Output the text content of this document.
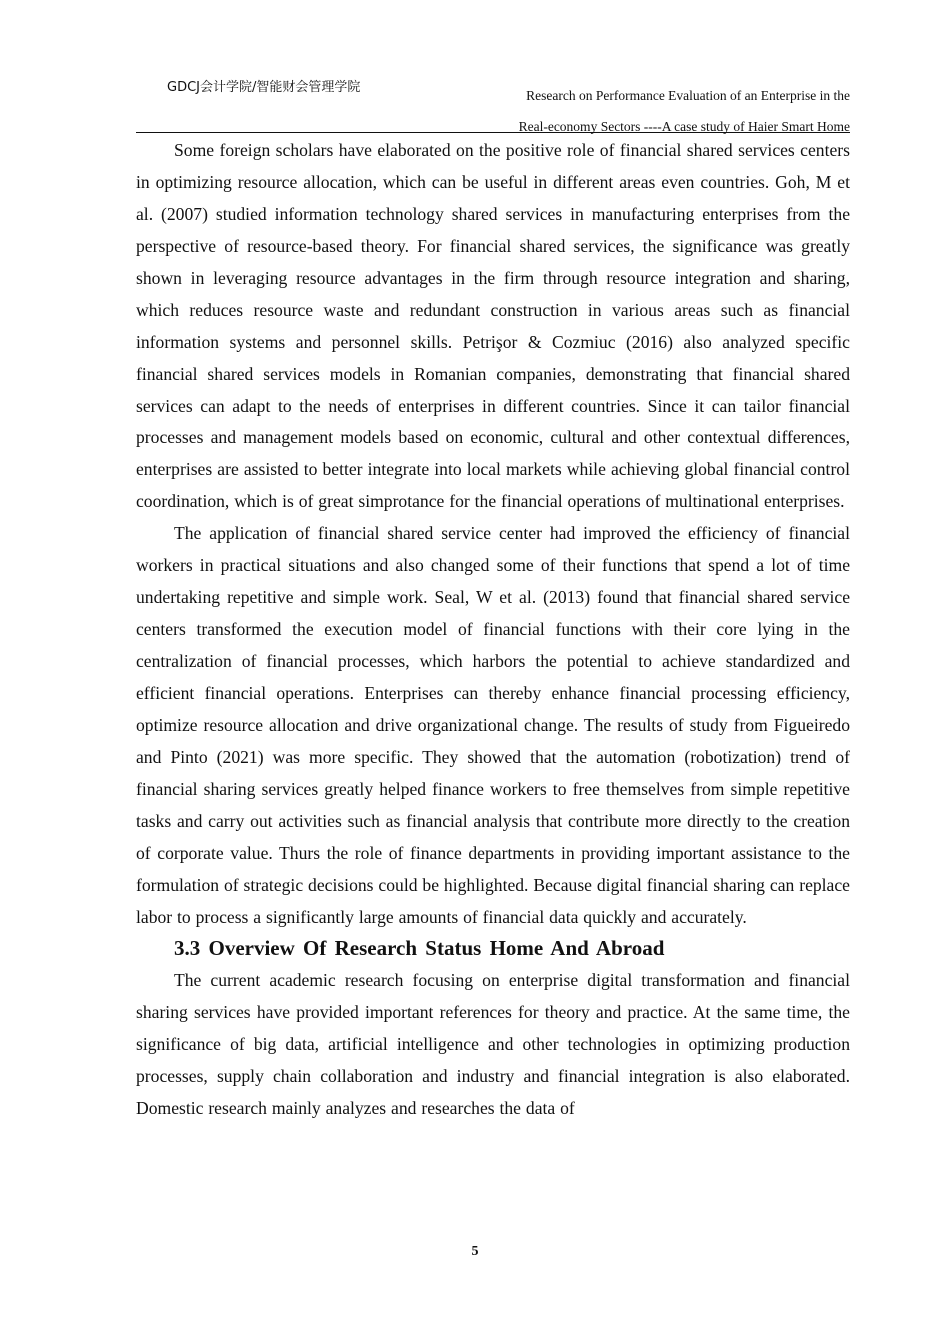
GDCJ会计学院/智能财会管理学院
Research on Performance Evaluation of an Enterprise in the
Real-economy Sectors ----A case study of Haier Smart Home

Some foreign scholars have elaborated on the positive role of financial shared services centers in optimizing resource allocation, which can be useful in different areas even countries. Goh, M et al. (2007) studied information technology shared services in manufacturing enterprises from the perspective of resource-based theory. For financial shared services, the significance was greatly shown in leveraging resource advantages in the firm through resource integration and sharing, which reduces resource waste and redundant construction in various areas such as financial information systems and personnel skills. Petrişor & Cozmiuc (2016) also analyzed specific financial shared services models in Romanian companies, demonstrating that financial shared services can adapt to the needs of enterprises in different countries. Since it can tailor financial processes and management models based on economic, cultural and other contextual differences, enterprises are assisted to better integrate into local markets while achieving global financial control coordination, which is of great simprotance for the financial operations of multinational enterprises.

The application of financial shared service center had improved the efficiency of financial workers in practical situations and also changed some of their functions that spend a lot of time undertaking repetitive and simple work. Seal, W et al. (2013) found that financial shared service centers transformed the execution model of financial functions with their core lying in the centralization of financial processes, which harbors the potential to achieve standardized and efficient financial operations. Enterprises can thereby enhance financial processing efficiency, optimize resource allocation and drive organizational change. The results of study from Figueiredo and Pinto (2021) was more specific. They showed that the automation (robotization) trend of financial sharing services greatly helped finance workers to free themselves from simple repetitive tasks and carry out activities such as financial analysis that contribute more directly to the creation of corporate value. Thurs the role of finance departments in providing important assistance to the formulation of strategic decisions could be highlighted. Because digital financial sharing can replace labor to process a significantly large amounts of financial data quickly and accurately.

3.3 Overview Of Research Status Home And Abroad

The current academic research focusing on enterprise digital transformation and financial sharing services have provided important references for theory and practice. At the same time, the significance of big data, artificial intelligence and other technologies in optimizing production processes, supply chain collaboration and industry and financial integration is also elaborated. Domestic research mainly analyzes and researches the data of

5
